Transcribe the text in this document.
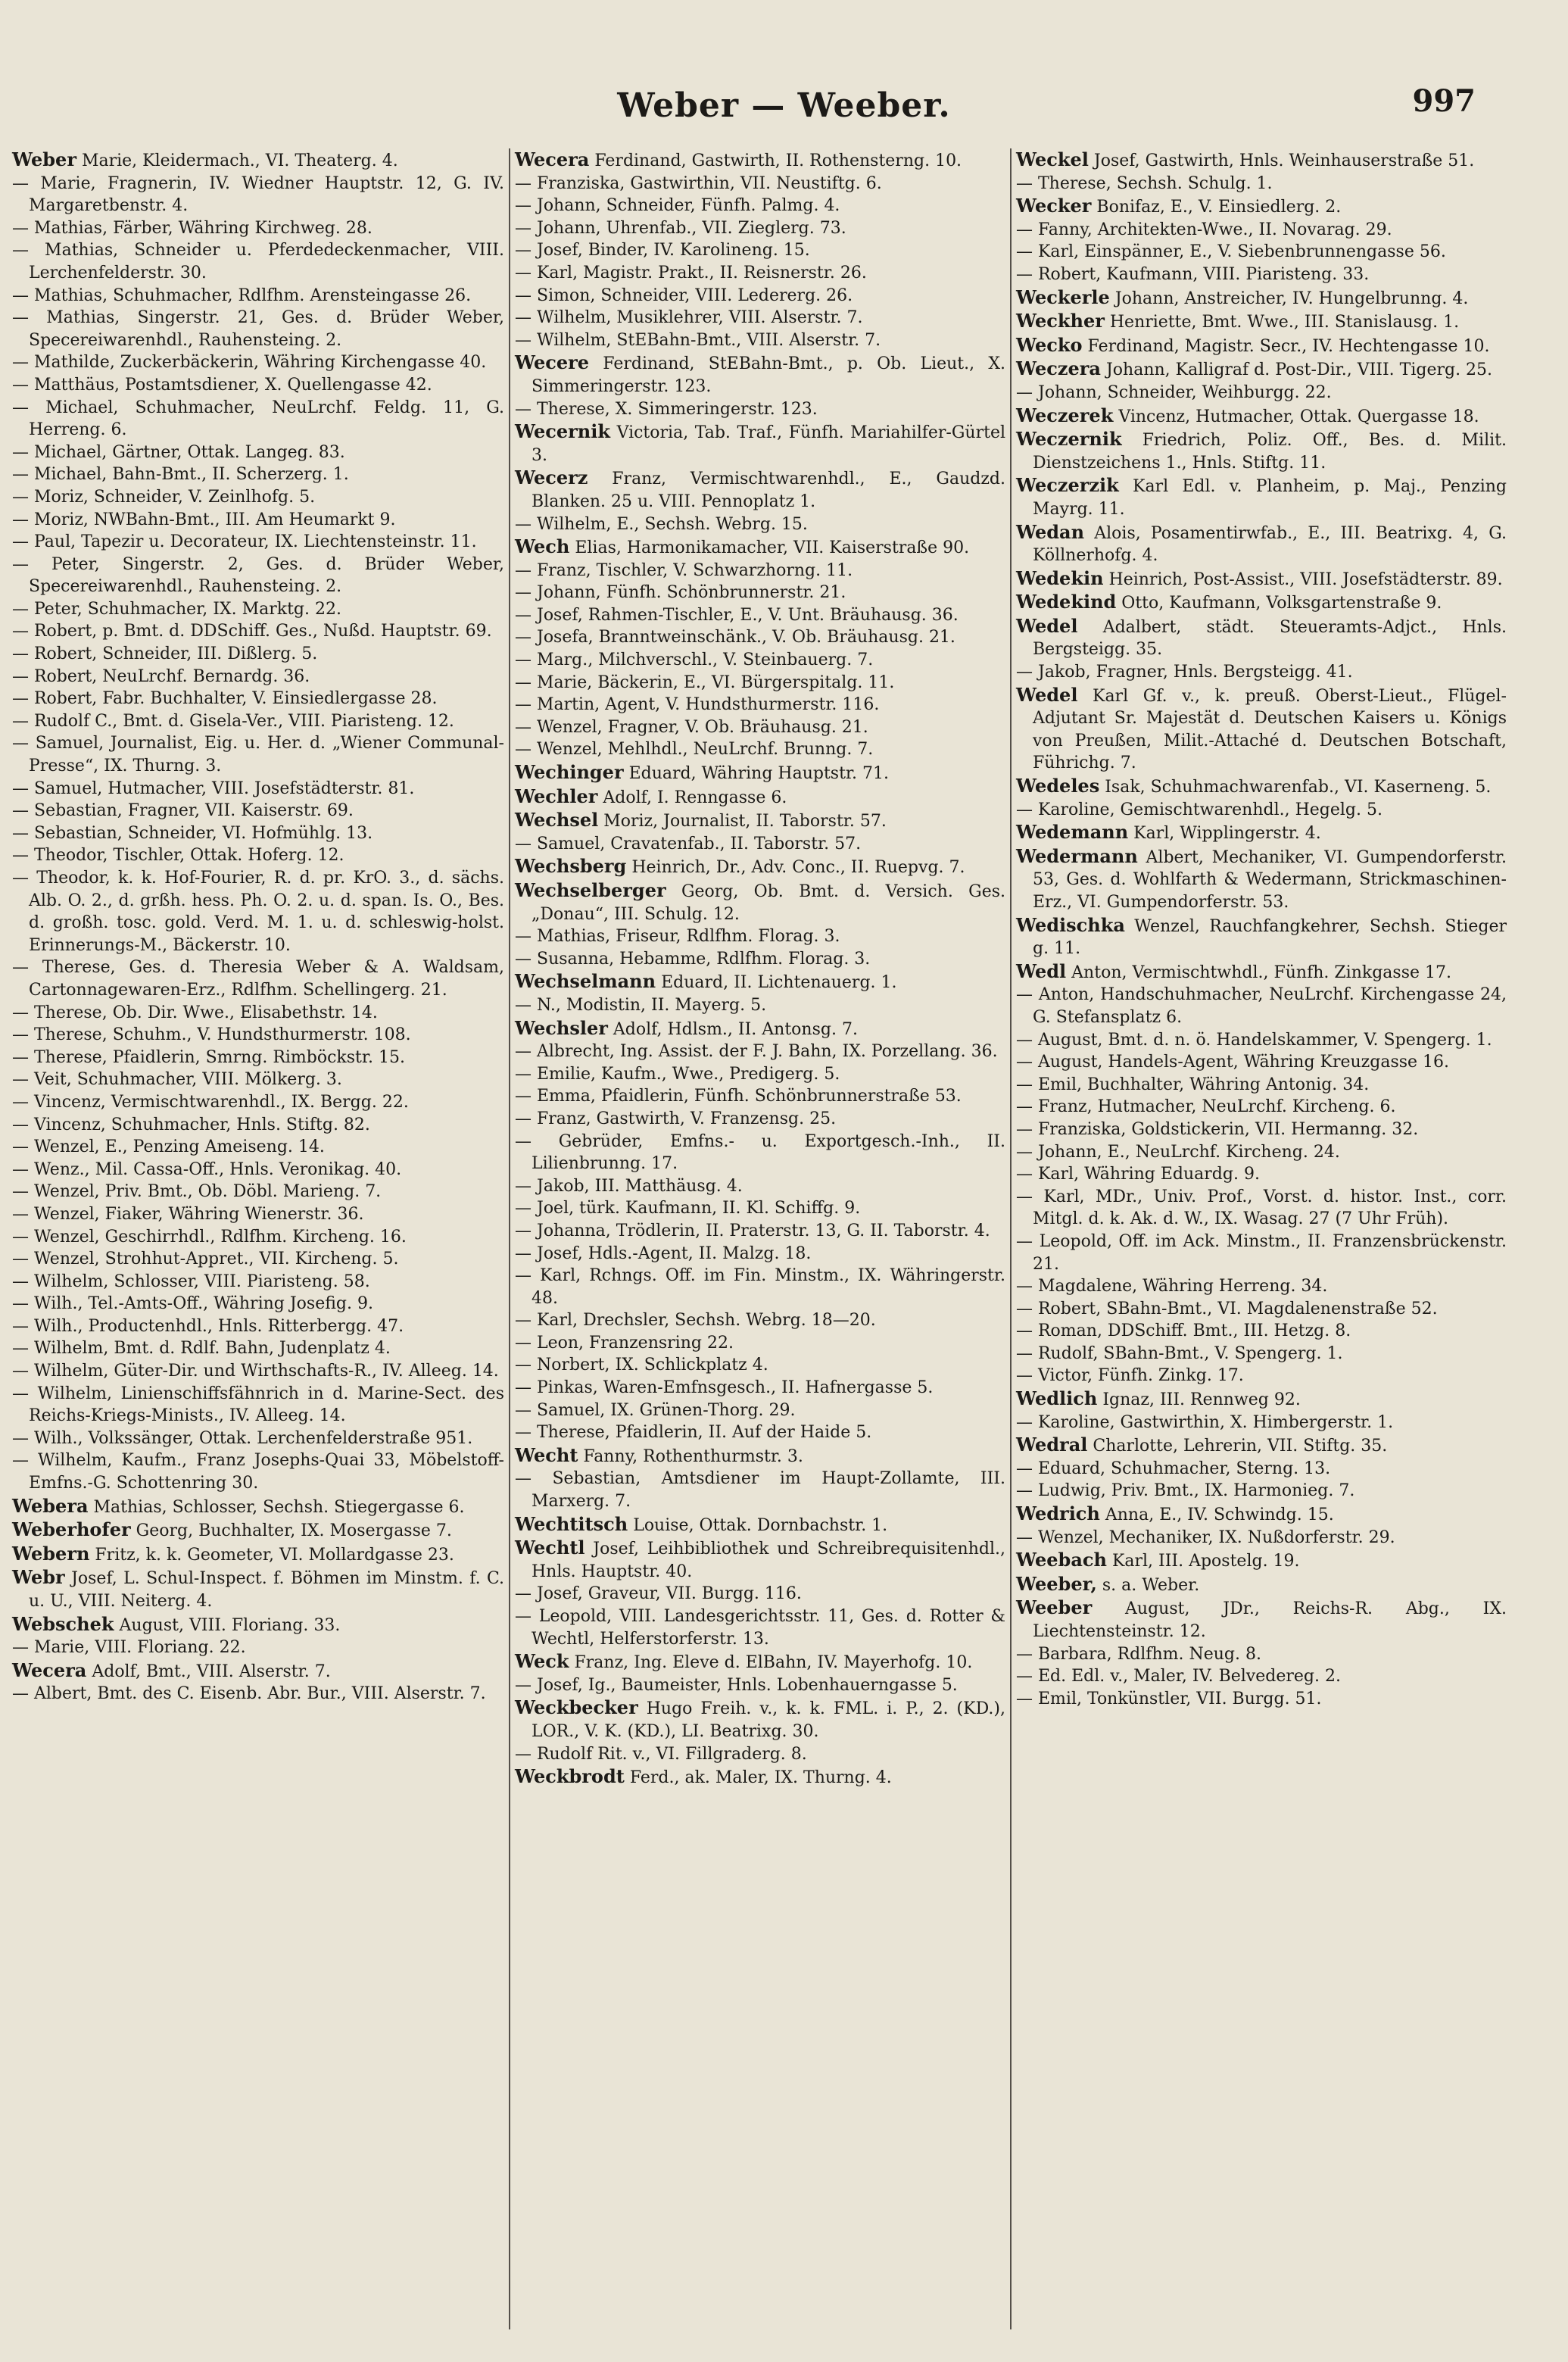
Weber — Weeber.	997
Weber Marie, Kleidermach., VI. Theaterg. 4.
— Marie, Fragnerin, IV. Wiedner Hauptstr. 12, G. IV. Margaretbenstr. 4.
— Mathias, Färber, Währing Kirchweg. 28.
— Mathias, Schneider u. Pferdedeckenmacher, VIII. Lerchenfelderstr. 30.
— Mathias, Schuhmacher, Rdlfhm. Arensteingasse 26.
— Mathias, Singerstr. 21, Ges. d. Brüder Weber, Specereiwarenhdl., Rauhensteing. 2.
— Mathilde, Zuckerbäckerin, Währing Kirchengasse 40.
— Matthäus, Postamtsdiener, X. Quellengasse 42.
— Michael, Schuhmacher, NeuLrchf. Feldg. 11, G. Herreng. 6.
— Michael, Gärtner, Ottak. Langeg. 83.
— Michael, Bahn-Bmt., II. Scherzerg. 1.
— Moriz, Schneider, V. Zeinlhofg. 5.
— Moriz, NWBahn-Bmt., III. Am Heumarkt 9.
— Paul, Tapezir u. Decorateur, IX. Liechtensteinstr. 11.
— Peter, Singerstr. 2, Ges. d. Brüder Weber, Specereiwarenhdl., Rauhensteing. 2.
— Peter, Schuhmacher, IX. Marktg. 22.
— Robert, p. Bmt. d. DDSchiff. Ges., Nußd. Hauptstr. 69.
— Robert, Schneider, III. Dißlerg. 5.
— Robert, NeuLrchf. Bernardg. 36.
— Robert, Fabr. Buchhalter, V. Einsiedlergasse 28.
— Rudolf C., Bmt. d. Gisela-Ver., VIII. Piaristeng. 12.
— Samuel, Journalist, Eig. u. Her. d. „Wiener Communal-Presse“, IX. Thurng. 3.
— Samuel, Hutmacher, VIII. Josefstädterstr. 81.
— Sebastian, Fragner, VII. Kaiserstr. 69.
— Sebastian, Schneider, VI. Hofmühlg. 13.
— Theodor, Tischler, Ottak. Hoferg. 12.
— Theodor, k. k. Hof-Fourier, R. d. pr. KrO. 3., d. sächs. Alb. O. 2., d. grßh. hess. Ph. O. 2. u. d. span. Is. O., Bes. d. großh. tosc. gold. Verd. M. 1. u. d. schleswig-holst. Erinnerungs-M., Bäckerstr. 10.
— Therese, Ges. d. Theresia Weber & A. Waldsam, Cartonnagewaren-Erz., Rdlfhm. Schellingerg. 21.
— Therese, Ob. Dir. Wwe., Elisabethstr. 14.
— Therese, Schuhm., V. Hundsthurmerstr. 108.
— Therese, Pfaidlerin, Smrng. Rimböckstr. 15.
— Veit, Schuhmacher, VIII. Mölkerg. 3.
— Vincenz, Vermischtwarenhdl., IX. Bergg. 22.
— Vincenz, Schuhmacher, Hnls. Stiftg. 82.
— Wenzel, E., Penzing Ameiseng. 14.
— Wenz., Mil. Cassa-Off., Hnls. Veronikag. 40.
— Wenzel, Priv. Bmt., Ob. Döbl. Marieng. 7.
— Wenzel, Fiaker, Währing Wienerstr. 36.
— Wenzel, Geschirrhdl., Rdlfhm. Kircheng. 16.
— Wenzel, Strohhut-Appret., VII. Kircheng. 5.
— Wilhelm, Schlosser, VIII. Piaristeng. 58.
— Wilh., Tel.-Amts-Off., Währing Josefig. 9.
— Wilh., Productenhdl., Hnls. Ritterbergg. 47.
— Wilhelm, Bmt. d. Rdlf. Bahn, Judenplatz 4.
— Wilhelm, Güter-Dir. und Wirthschafts-R., IV. Alleeg. 14.
— Wilhelm, Linienschiffsfähnrich in d. Marine-Sect. des Reichs-Kriegs-Minists., IV. Alleeg. 14.
— Wilh., Volkssänger, Ottak. Lerchenfelderstraße 951.
— Wilhelm, Kaufm., Franz Josephs-Quai 33, Möbelstoff-Emfns.-G. Schottenring 30.
Webera Mathias, Schlosser, Sechsh. Stiegergasse 6.
Weberhofer Georg, Buchhalter, IX. Mosergasse 7.
Webern Fritz, k. k. Geometer, VI. Mollardgasse 23.
Webr Josef, L. Schul-Inspect. f. Böhmen im Minstm. f. C. u. U., VIII. Neiterg. 4.
Webschek August, VIII. Floriang. 33.
— Marie, VIII. Floriang. 22.
Wecera Adolf, Bmt., VIII. Alserstr. 7.
— Albert, Bmt. des C. Eisenb. Abr. Bur., VIII. Alserstr. 7.
Wecera Ferdinand, Gastwirth, II. Rothensterng. 10.
— Franziska, Gastwirthin, VII. Neustiftg. 6.
— Johann, Schneider, Fünfh. Palmg. 4.
— Johann, Uhrenfab., VII. Zieglerg. 73.
— Josef, Binder, IV. Karolineng. 15.
— Karl, Magistr. Prakt., II. Reisnerstr. 26.
— Simon, Schneider, VIII. Ledererg. 26.
— Wilhelm, Musiklehrer, VIII. Alserstr. 7.
— Wilhelm, StEBahn-Bmt., VIII. Alserstr. 7.
Wecere Ferdinand, StEBahn-Bmt., p. Ob. Lieut., X. Simmeringerstr. 123.
— Therese, X. Simmeringerstr. 123.
Wecernik Victoria, Tab. Traf., Fünfh. Mariahilfer-Gürtel 3.
Wecerz Franz, Vermischtwarenhdl., E., Gaudzd. Blanken. 25 u. VIII. Pennoplatz 1.
— Wilhelm, E., Sechsh. Webrg. 15.
Wech Elias, Harmonikamacher, VII. Kaiserstraße 90.
— Franz, Tischler, V. Schwarzhorng. 11.
— Johann, Fünfh. Schönbrunnerstr. 21.
— Josef, Rahmen-Tischler, E., V. Unt. Bräuhausg. 36.
— Josefa, Branntweinschänk., V. Ob. Bräuhausg. 21.
— Marg., Milchverschl., V. Steinbauerg. 7.
— Marie, Bäckerin, E., VI. Bürgerspitalg. 11.
— Martin, Agent, V. Hundsthurmerstr. 116.
— Wenzel, Fragner, V. Ob. Bräuhausg. 21.
— Wenzel, Mehlhdl., NeuLrchf. Brunng. 7.
Wechinger Eduard, Währing Hauptstr. 71.
Wechler Adolf, I. Renngasse 6.
Wechsel Moriz, Journalist, II. Taborstr. 57.
— Samuel, Cravatenfab., II. Taborstr. 57.
Wechsberg Heinrich, Dr., Adv. Conc., II. Ruepvg. 7.
Wechselberger Georg, Ob. Bmt. d. Versich. Ges. „Donau“, III. Schulg. 12.
— Mathias, Friseur, Rdlfhm. Florag. 3.
— Susanna, Hebamme, Rdlfhm. Florag. 3.
Wechselmann Eduard, II. Lichtenauerg. 1.
— N., Modistin, II. Mayerg. 5.
Wechsler Adolf, Hdlsm., II. Antonsg. 7.
— Albrecht, Ing. Assist. der F. J. Bahn, IX. Porzellang. 36.
— Emilie, Kaufm., Wwe., Predigerg. 5.
— Emma, Pfaidlerin, Fünfh. Schönbrunnerstraße 53.
— Franz, Gastwirth, V. Franzensg. 25.
— Gebrüder, Emfns.- u. Exportgesch.-Inh., II. Lilienbrunng. 17.
— Jakob, III. Matthäusg. 4.
— Joel, türk. Kaufmann, II. Kl. Schiffg. 9.
— Johanna, Trödlerin, II. Praterstr. 13, G. II. Taborstr. 4.
— Josef, Hdls.-Agent, II. Malzg. 18.
— Karl, Rchngs. Off. im Fin. Minstm., IX. Währingerstr. 48.
— Karl, Drechsler, Sechsh. Webrg. 18—20.
— Leon, Franzensring 22.
— Norbert, IX. Schlickplatz 4.
— Pinkas, Waren-Emfnsgesch., II. Hafnergasse 5.
— Samuel, IX. Grünen-Thorg. 29.
— Therese, Pfaidlerin, II. Auf der Haide 5.
Wecht Fanny, Rothenthurmstr. 3.
— Sebastian, Amtsdiener im Haupt-Zollamte, III. Marxerg. 7.
Wechtitsch Louise, Ottak. Dornbachstr. 1.
Wechtl Josef, Leihbibliothek und Schreibrequisitenhdl., Hnls. Hauptstr. 40.
— Josef, Graveur, VII. Burgg. 116.
— Leopold, VIII. Landesgerichtsstr. 11, Ges. d. Rotter & Wechtl, Helferstorferstr. 13.
Weck Franz, Ing. Eleve d. ElBahn, IV. Mayerhofg. 10.
— Josef, Ig., Baumeister, Hnls. Lobenhauerngasse 5.
Weckbecker Hugo Freih. v., k. k. FML. i. P., 2. (KD.), LOR., V. K. (KD.), LI. Beatrixg. 30.
— Rudolf Rit. v., VI. Fillgraderg. 8.
Weckbrodt Ferd., ak. Maler, IX. Thurng. 4.
Weckel Josef, Gastwirth, Hnls. Weinhauserstraße 51.
— Therese, Sechsh. Schulg. 1.
Wecker Bonifaz, E., V. Einsiedlerg. 2.
— Fanny, Architekten-Wwe., II. Novarag. 29.
— Karl, Einspänner, E., V. Siebenbrunnengasse 56.
— Robert, Kaufmann, VIII. Piaristeng. 33.
Weckerle Johann, Anstreicher, IV. Hungelbrunng. 4.
Weckher Henriette, Bmt. Wwe., III. Stanislausg. 1.
Wecko Ferdinand, Magistr. Secr., IV. Hechtengasse 10.
Weczera Johann, Kalligraf d. Post-Dir., VIII. Tigerg. 25.
— Johann, Schneider, Weihburgg. 22.
Weczerek Vincenz, Hutmacher, Ottak. Quergasse 18.
Weczernik Friedrich, Poliz. Off., Bes. d. Milit. Dienstzeichens 1., Hnls. Stiftg. 11.
Weczerzik Karl Edl. v. Planheim, p. Maj., Penzing Mayrg. 11.
Wedan Alois, Posamentirwfab., E., III. Beatrixg. 4, G. Köllnerhofg. 4.
Wedekin Heinrich, Post-Assist., VIII. Josefstädterstr. 89.
Wedekind Otto, Kaufmann, Volksgartenstraße 9.
Wedel Adalbert, städt. Steueramts-Adjct., Hnls. Bergsteigg. 35.
— Jakob, Fragner, Hnls. Bergsteigg. 41.
Wedel Karl Gf. v., k. preuß. Oberst-Lieut., Flügel-Adjutant Sr. Majestät d. Deutschen Kaisers u. Königs von Preußen, Milit.-Attaché d. Deutschen Botschaft, Führichg. 7.
Wedeles Isak, Schuhmachwarenfab., VI. Kaserneng. 5.
— Karoline, Gemischtwarenhdl., Hegelg. 5.
Wedemann Karl, Wipplingerstr. 4.
Wedermann Albert, Mechaniker, VI. Gumpendorferstr. 53, Ges. d. Wohlfarth & Wedermann, Strickmaschinen-Erz., VI. Gumpendorferstr. 53.
Wedischka Wenzel, Rauchfangkehrer, Sechsh. Stieger g. 11.
Wedl Anton, Vermischtwhdl., Fünfh. Zinkgasse 17.
— Anton, Handschuhmacher, NeuLrchf. Kirchengasse 24, G. Stefansplatz 6.
— August, Bmt. d. n. ö. Handelskammer, V. Spengerg. 1.
— August, Handels-Agent, Währing Kreuzgasse 16.
— Emil, Buchhalter, Währing Antonig. 34.
— Franz, Hutmacher, NeuLrchf. Kircheng. 6.
— Franziska, Goldstickerin, VII. Hermanng. 32.
— Johann, E., NeuLrchf. Kircheng. 24.
— Karl, Währing Eduardg. 9.
— Karl, MDr., Univ. Prof., Vorst. d. histor. Inst., corr. Mitgl. d. k. Ak. d. W., IX. Wasag. 27 (7 Uhr Früh).
— Leopold, Off. im Ack. Minstm., II. Franzensbrückenstr. 21.
— Magdalene, Währing Herreng. 34.
— Robert, SBahn-Bmt., VI. Magdalenenstraße 52.
— Roman, DDSchiff. Bmt., III. Hetzg. 8.
— Rudolf, SBahn-Bmt., V. Spengerg. 1.
— Victor, Fünfh. Zinkg. 17.
Wedlich Ignaz, III. Rennweg 92.
— Karoline, Gastwirthin, X. Himbergerstr. 1.
Wedral Charlotte, Lehrerin, VII. Stiftg. 35.
— Eduard, Schuhmacher, Sterng. 13.
— Ludwig, Priv. Bmt., IX. Harmonieg. 7.
Wedrich Anna, E., IV. Schwindg. 15.
— Wenzel, Mechaniker, IX. Nußdorferstr. 29.
Weebach Karl, III. Apostelg. 19.
Weeber, s. a. Weber.
Weeber August, JDr., Reichs-R. Abg., IX. Liechtensteinstr. 12.
— Barbara, Rdlfhm. Neug. 8.
— Ed. Edl. v., Maler, IV. Belvedereg. 2.
— Emil, Tonkünstler, VII. Burgg. 51.
